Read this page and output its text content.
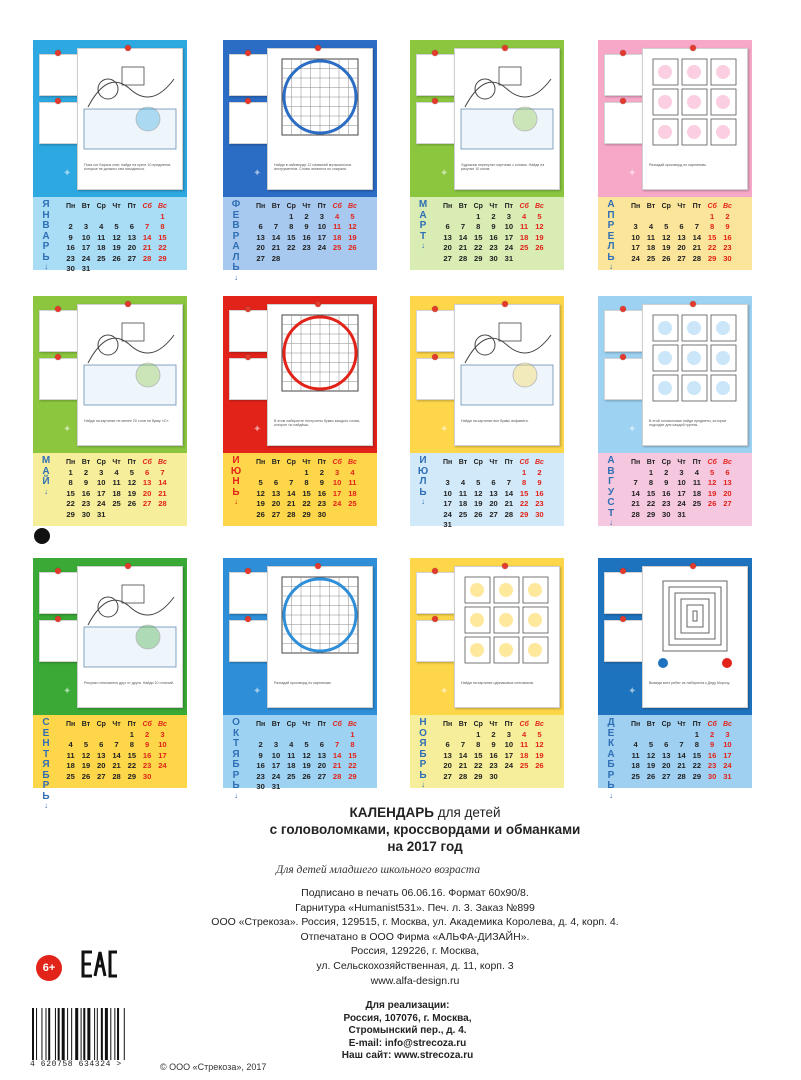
✦
Пока кот Барсик спит, найди на кухне 10 предметов, которые не должны там находиться.
Я
Н
В
А
Р
Ь
↓
Пн	Вт	Ср	Чт	Пт	Сб	Вс
						1
2	3	4	5	6	7	8
9	10	11	12	13	14	15
16	17	18	19	20	21	22
23	24	25	26	27	28	29
30	31					
✦
Найди в чайнворде 12 названий музыкальных инструментов. Слова читаются по спирали.
Ф
Е
В
Р
А
Л
Ь
↓
Пн	Вт	Ср	Чт	Пт	Сб	Вс
		1	2	3	4	5
6	7	8	9	10	11	12
13	14	15	16	17	18	19
20	21	22	23	24	25	26
27	28					
✦
Художник перепутал картинки с котами. Найди на рисунке 10 котов.
М
А
Р
Т
↓
Пн	Вт	Ср	Чт	Пт	Сб	Вс
		1	2	3	4	5
6	7	8	9	10	11	12
13	14	15	16	17	18	19
20	21	22	23	24	25	26
27	28	29	30	31		
✦
Разгадай кроссворд по картинкам.
А
П
Р
Е
Л
Ь
↓
Пн	Вт	Ср	Чт	Пт	Сб	Вс
					1	2
3	4	5	6	7	8	9
10	11	12	13	14	15	16
17	18	19	20	21	22	23
24	25	26	27	28	29	30
✦
Найди на картинке не менее 20 слов на букву «С».
М
А
Й
↓
Пн	Вт	Ср	Чт	Пт	Сб	Вс
1	2	3	4	5	6	7
8	9	10	11	12	13	14
15	16	17	18	19	20	21
22	23	24	25	26	27	28
29	30	31				
✦
В этом лабиринте построены буквы каждого слова, которое ты найдёшь.
И
Ю
Н
Ь
↓
Пн	Вт	Ср	Чт	Пт	Сб	Вс
			1	2	3	4
5	6	7	8	9	10	11
12	13	14	15	16	17	18
19	20	21	22	23	24	25
26	27	28	29	30		
✦
Найди на картинке все буквы алфавита.
И
Ю
Л
Ь
↓
Пн	Вт	Ср	Чт	Пт	Сб	Вс
					1	2
3	4	5	6	7	8	9
10	11	12	13	14	15	16
17	18	19	20	21	22	23
24	25	26	27	28	29	30
31						
✦
В этой головоломке найди предметы, которые подходят для каждой группы.
А
В
Г
У
С
Т
↓
Пн	Вт	Ср	Чт	Пт	Сб	Вс
	1	2	3	4	5	6
7	8	9	10	11	12	13
14	15	16	17	18	19	20
21	22	23	24	25	26	27
28	29	30	31			
✦
Рисунки отличаются друг от друга. Найди 10 отличий.
С
Е
Н
Т
Я
Б
Р
Ь
↓
Пн	Вт	Ср	Чт	Пт	Сб	Вс
				1	2	3
4	5	6	7	8	9	10
11	12	13	14	15	16	17
18	19	20	21	22	23	24
25	26	27	28	29	30	
✦
Разгадай кроссворд по картинкам.
О
К
Т
Я
Б
Р
Ь
↓
Пн	Вт	Ср	Чт	Пт	Сб	Вс
						1
2	3	4	5	6	7	8
9	10	11	12	13	14	15
16	17	18	19	20	21	22
23	24	25	26	27	28	29
30	31					
✦
Найди на картинке одинаковых снеговиков.
Н
О
Я
Б
Р
Ь
↓
Пн	Вт	Ср	Чт	Пт	Сб	Вс
		1	2	3	4	5
6	7	8	9	10	11	12
13	14	15	16	17	18	19
20	21	22	23	24	25	26
27	28	29	30			
✦
Выведи всех ребят из лабиринта к Деду Морозу.
Д
Е
К
А
Б
Р
Ь
↓
Пн	Вт	Ср	Чт	Пт	Сб	Вс
				1	2	3
4	5	6	7	8	9	10
11	12	13	14	15	16	17
18	19	20	21	22	23	24
25	26	27	28	29	30	31
КАЛЕНДАРЬ для детей
с головоломками, кроссвордами и обманками
на 2017 год
Для детей младшего школьного возраста
Подписано в печать 06.06.16. Формат 60х90/8.
Гарнитура «Humanist531». Печ. л. 3. Заказ №899
ООО «Стрекоза». Россия, 129515, г. Москва, ул. Академика Королева, д. 4, корп. 4.
Отпечатано в ООО Фирма «АЛЬФА-ДИЗАЙН».
Россия, 129226, г. Москва,
ул. Сельскохозяйственная, д. 11, корп. 3
www.alfa-design.ru
Для реализации:
Россия, 107076, г. Москва,
Стромынский пер., д. 4.
E-mail: info@strecoza.ru
Наш сайт: www.strecoza.ru
6+
4 620758 634324 >	© ООО «Стрекоза», 2017
